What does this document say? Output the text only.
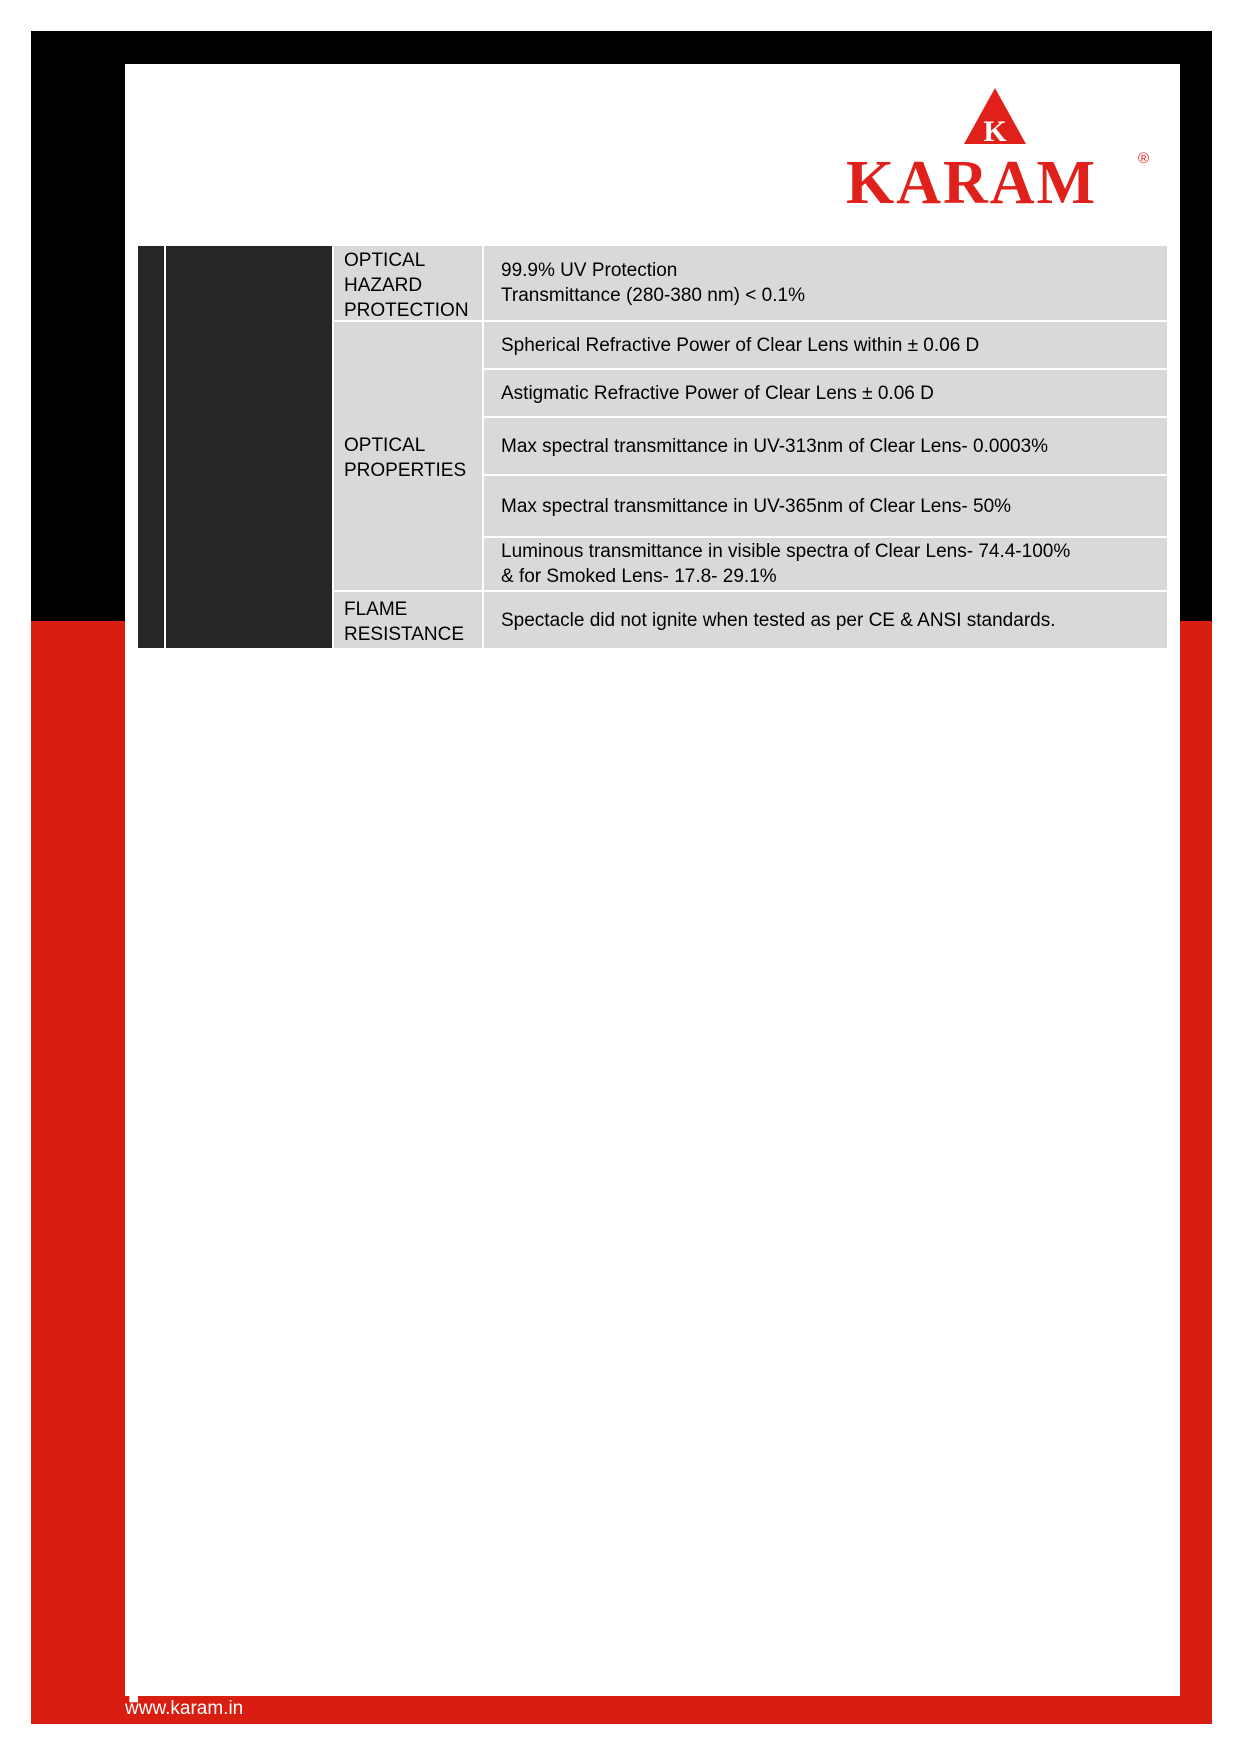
TECHNICAL  DATA SHEET
www.karam.in
K
KARAM	®
OPTICAL
HAZARD
PROTECTION
99.9% UV Protection
Transmittance (280-380 nm) < 0.1%
OPTICAL
PROPERTIES
Spherical Refractive Power of Clear Lens within ± 0.06 D
Astigmatic Refractive Power of Clear Lens ± 0.06 D
Max spectral transmittance in UV-313nm of Clear Lens- 0.0003%
Max spectral transmittance in UV-365nm of Clear Lens- 50%
Luminous transmittance in visible spectra of Clear Lens- 74.4-100%
& for Smoked Lens- 17.8- 29.1%
FLAME
RESISTANCE
Spectacle did not ignite when tested as per CE & ANSI standards.
